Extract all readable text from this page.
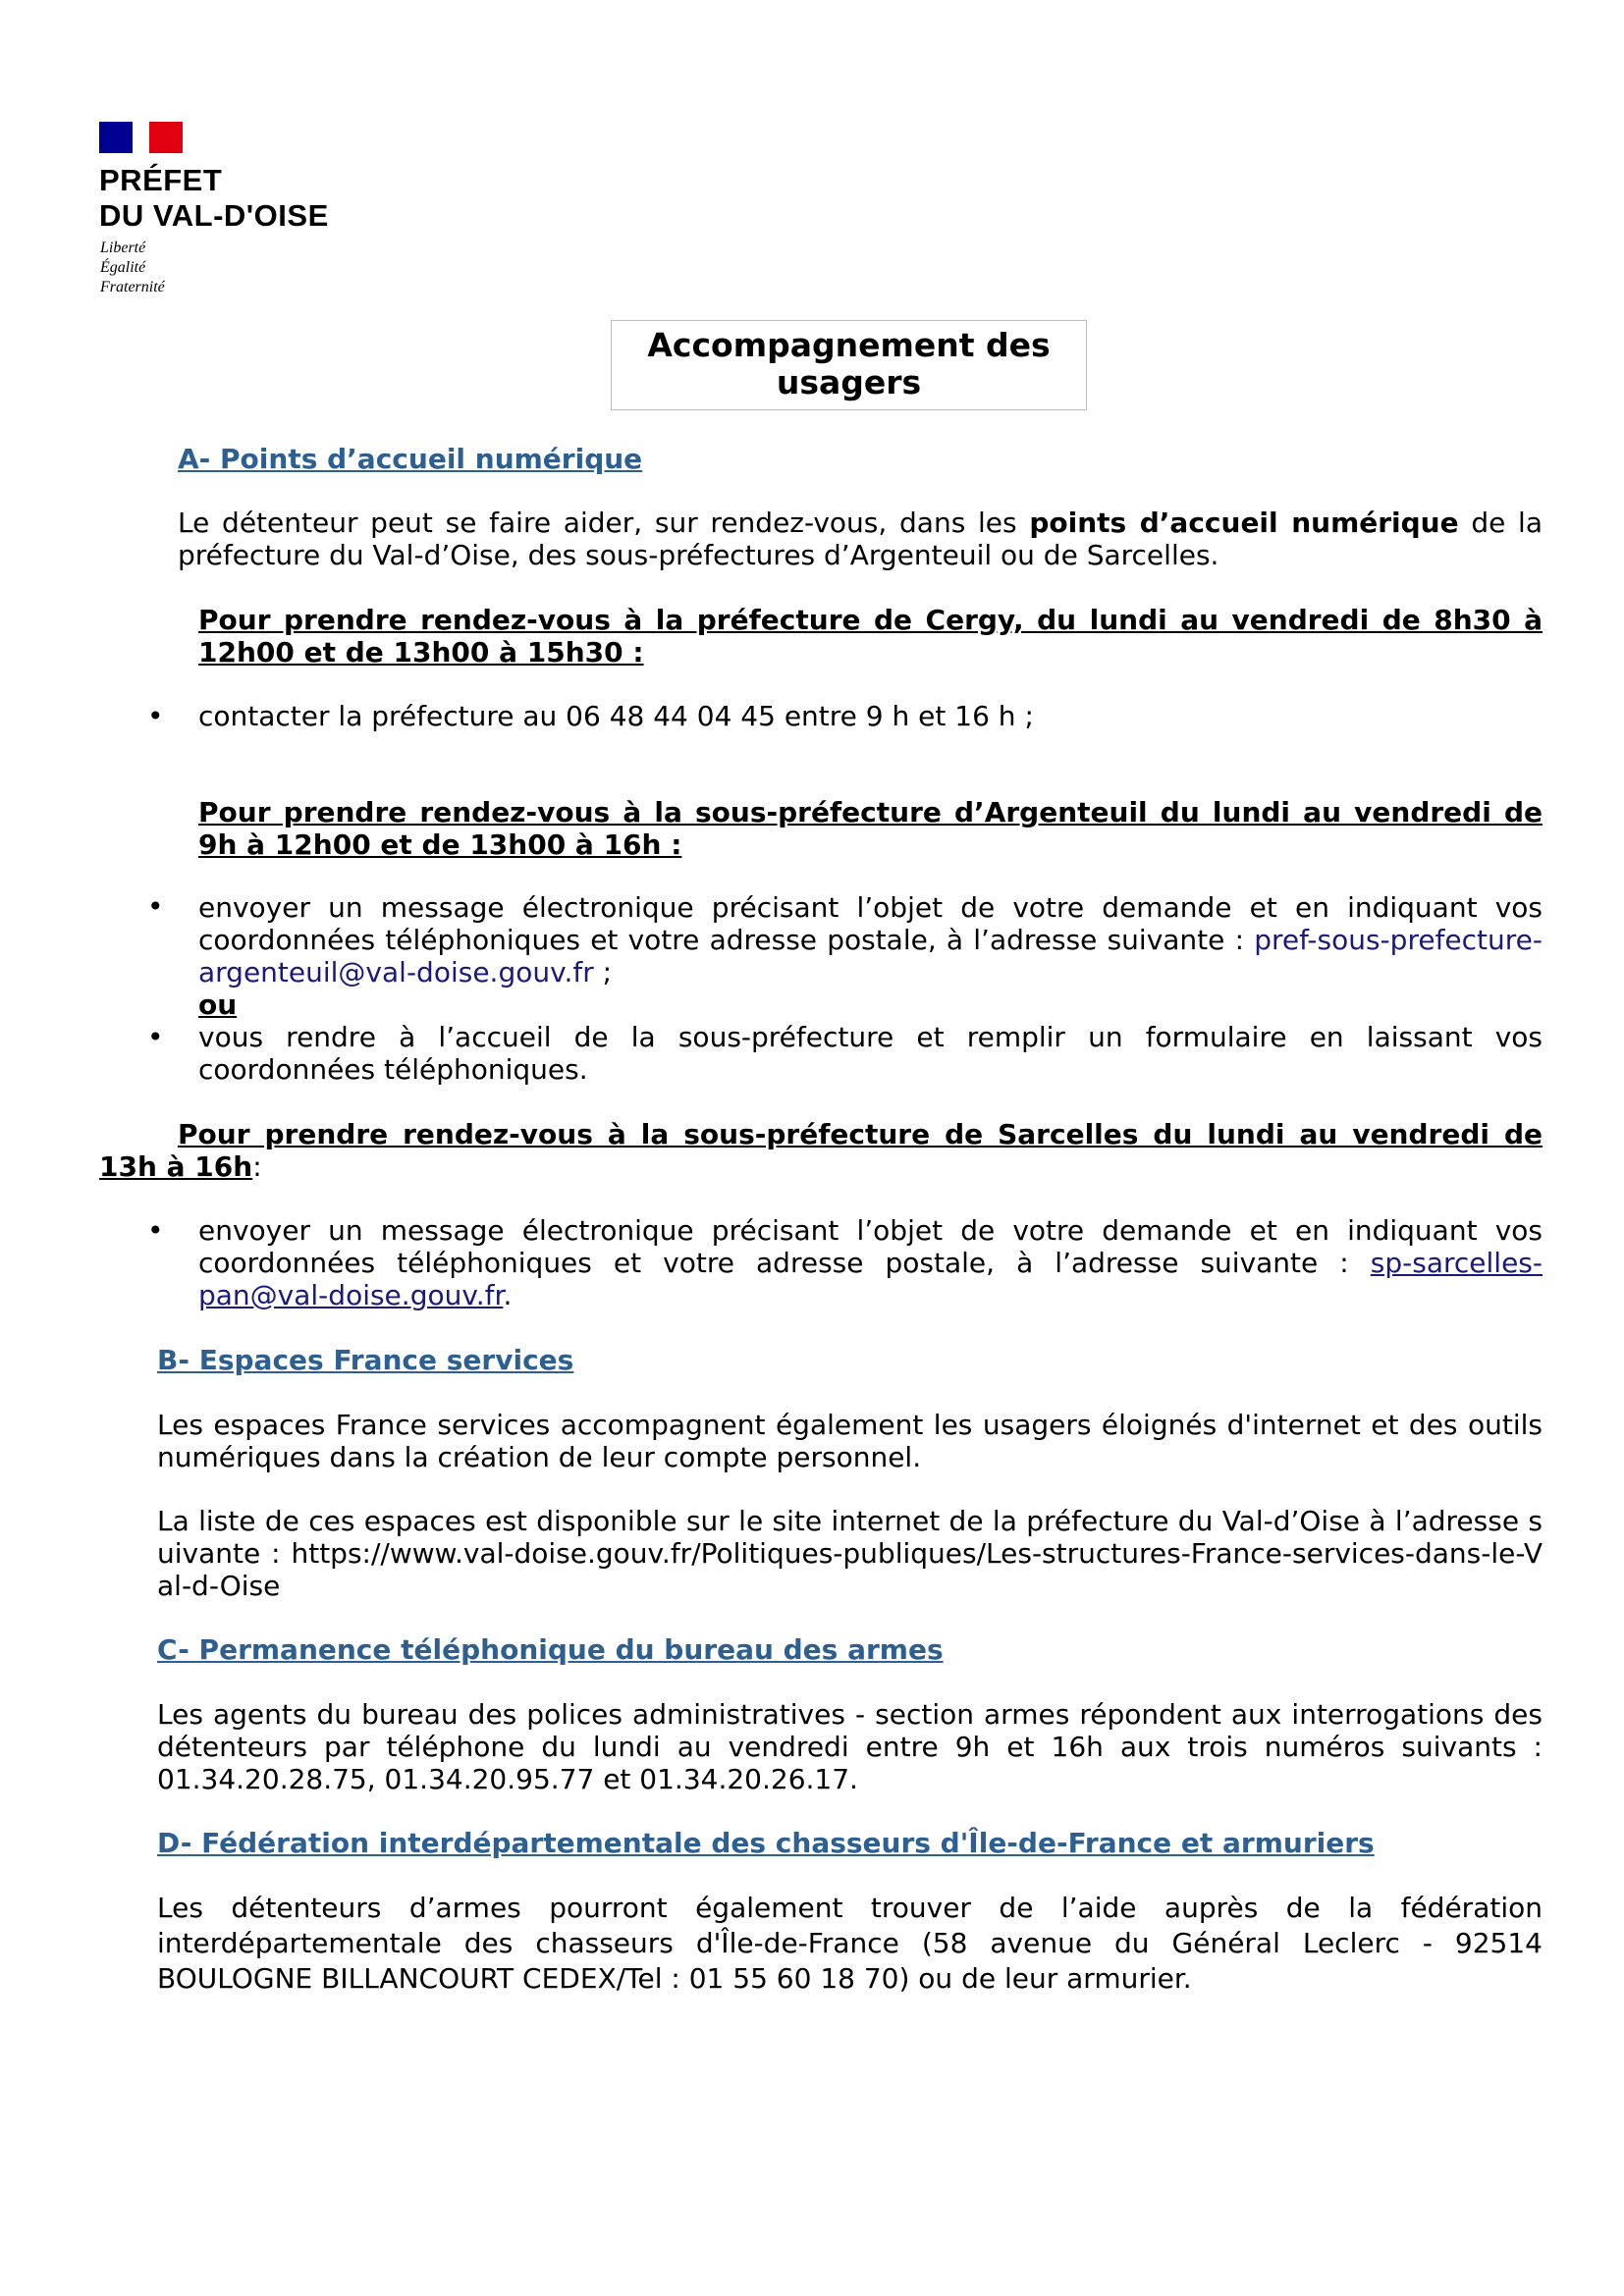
PRÉFET
DU VAL-D'OISE
Liberté
Égalité
Fraternité
Accompagnement des
usagers
A- Points d’accueil numérique
Le détenteur peut se faire aider, sur rendez-vous, dans les points d’accueil numérique de la préfecture du Val-d’Oise, des sous-préfectures d’Argenteuil ou de Sarcelles.
Pour prendre rendez-vous à la préfecture de Cergy, du lundi au vendredi de 8h30 à 12h00 et de 13h00 à 15h30 :
• contacter la préfecture au 06 48 44 04 45 entre 9 h et 16 h ;
Pour prendre rendez-vous à la sous-préfecture d’Argenteuil du lundi au vendredi de 9h à 12h00 et de 13h00 à 16h :
• envoyer un message électronique précisant l’objet de votre demande et en indiquant vos coordonnées téléphoniques et votre adresse postale, à l’adresse suivante : pref-sous-prefecture-argenteuil@val-doise.gouv.fr ;
ou
• vous rendre à l’accueil de la sous-préfecture et remplir un formulaire en laissant vos coordonnées téléphoniques.
Pour prendre rendez-vous à la sous-préfecture de Sarcelles du lundi au vendredi de 13h à 16h:
• envoyer un message électronique précisant l’objet de votre demande et en indiquant vos coordonnées téléphoniques et votre adresse postale, à l’adresse suivante : sp-sarcelles-pan@val-doise.gouv.fr.
B- Espaces France services
Les espaces France services accompagnent également les usagers éloignés d'internet et des outils numériques dans la création de leur compte personnel.
La liste de ces espaces est disponible sur le site internet de la préfecture du Val-d’Oise à l’adresse suivante : https://www.val-doise.gouv.fr/Politiques-publiques/Les-structures-France-services-dans-le-Val-d-Oise
C- Permanence téléphonique du bureau des armes
Les agents du bureau des polices administratives - section armes répondent aux interrogations des détenteurs par téléphone du lundi au vendredi entre 9h et 16h aux trois numéros suivants : 01.34.20.28.75, 01.34.20.95.77 et 01.34.20.26.17.
D- Fédération interdépartementale des chasseurs d'Île-de-France et armuriers
Les détenteurs d’armes pourront également trouver de l’aide auprès de la fédération interdépartementale des chasseurs d'Île-de-France (58 avenue du Général Leclerc - 92514 BOULOGNE BILLANCOURT CEDEX/Tel : 01 55 60 18 70) ou de leur armurier.
